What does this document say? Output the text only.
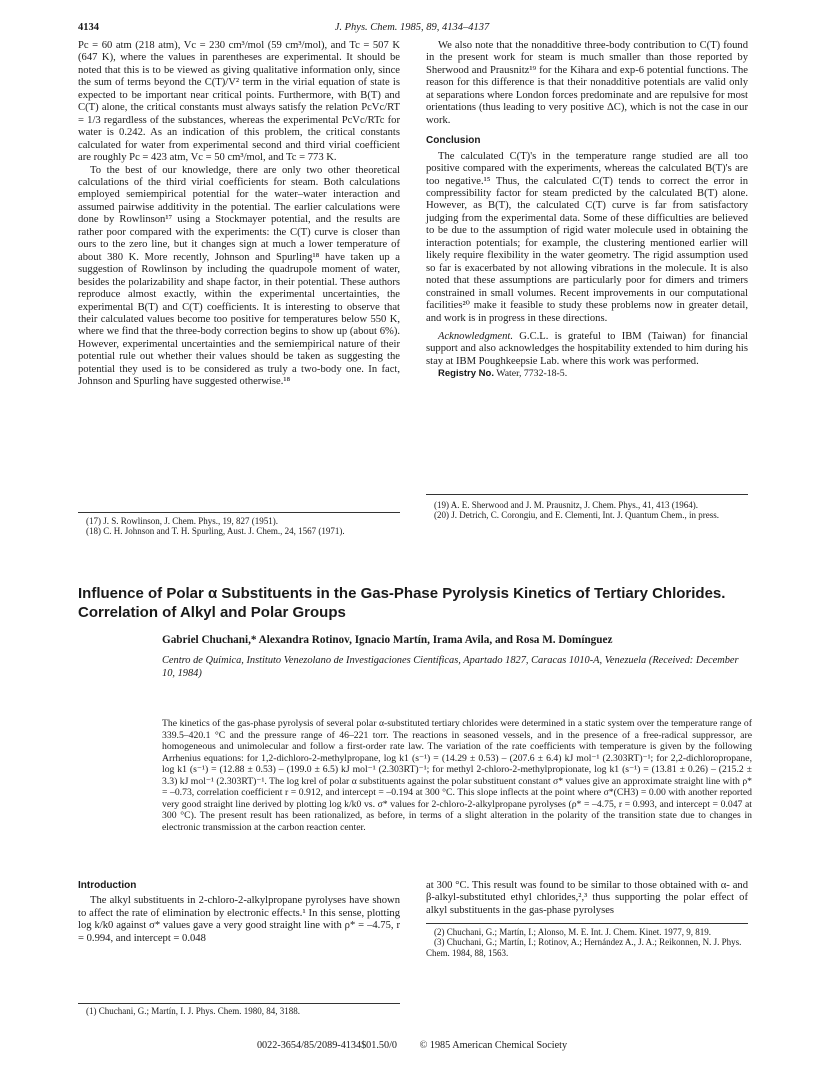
4134	J. Phys. Chem. 1985, 89, 4134–4137

Pc = 60 atm (218 atm), Vc = 230 cm³/mol (59 cm³/mol), and Tc = 507 K (647 K), where the values in parentheses are experimental. It should be noted that this is to be viewed as giving qualitative information only, since the sum of terms beyond the C(T)/V² term in the virial equation of state is expected to be important near critical points. Furthermore, with B(T) and C(T) alone, the critical constants must always satisfy the relation PcVc/RT = 1/3 regardless of the substances, whereas the experimental PcVc/RTc for water is 0.242. As an indication of this problem, the critical constants calculated for water from experimental second and third virial coefficient are roughly Pc = 423 atm, Vc = 50 cm³/mol, and Tc = 773 K.

To the best of our knowledge, there are only two other theoretical calculations of the third virial coefficients for steam. Both calculations employed semiempirical potential for the water–water interaction and assumed pairwise additivity in the potential. The earlier calculations were done by Rowlinson¹⁷ using a Stockmayer potential, and the results are rather poor compared with the experiments: the C(T) curve is closer than ours to the zero line, but it changes sign at much a lower temperature of about 380 K. More recently, Johnson and Spurling¹⁸ have taken up a suggestion of Rowlinson by including the quadrupole moment of water, besides the polarizability and shape factor, in their potential. These authors reproduce almost exactly, within the experimental uncertainties, the experimental B(T) and C(T) coefficients. It is interesting to observe that their calculated values become too positive for temperatures below 550 K, where we find that the three-body correction begins to show up (about 6%). However, experimental uncertainties and the semiempirical nature of their potential rule out whether their values should be taken as suggesting the potential they used is to be considered as truly a two-body one. In fact, Johnson and Spurling have suggested otherwise.¹⁸

(17) J. S. Rowlinson, J. Chem. Phys., 19, 827 (1951).
(18) C. H. Johnson and T. H. Spurling, Aust. J. Chem., 24, 1567 (1971).

We also note that the nonadditive three-body contribution to C(T) found in the present work for steam is much smaller than those reported by Sherwood and Prausnitz¹⁹ for the Kihara and exp-6 potential functions. The reason for this difference is that their nonadditive potentials are valid only at separations where London forces predominate and are repulsive for most orientations (thus leading to very positive ΔC), which is not the case in our work.

Conclusion

The calculated C(T)'s in the temperature range studied are all too positive compared with the experiments, whereas the calculated B(T)'s are too negative.¹⁵ Thus, the calculated C(T) tends to correct the error in compressibility factor for steam predicted by the calculated B(T) alone. However, as B(T), the calculated C(T) curve is far from satisfactory judging from the experimental data. Some of these difficulties are believed to be due to the assumption of rigid water molecule used in obtaining the interaction potentials; for example, the clustering mentioned earlier will likely require flexibility in the water geometry. The rigid assumption used so far is exacerbated by not allowing vibrations in the molecule. It is also noted that these assumptions are particularly poor for dimers and trimers constrained in small volumes. Recent improvements in our computational facilities²⁰ make it feasible to study these problems now in greater detail, and work is in progress in these directions.

Acknowledgment. G.C.L. is grateful to IBM (Taiwan) for financial support and also acknowledges the hospitability extended to him during his stay at IBM Poughkeepsie Lab. where this work was performed.

Registry No. Water, 7732-18-5.

(19) A. E. Sherwood and J. M. Prausnitz, J. Chem. Phys., 41, 413 (1964).
(20) J. Detrich, C. Corongiu, and E. Clementi, Int. J. Quantum Chem., in press.
Influence of Polar α Substituents in the Gas-Phase Pyrolysis Kinetics of Tertiary Chlorides. Correlation of Alkyl and Polar Groups
Gabriel Chuchani,* Alexandra Rotinov, Ignacio Martín, Irama Avila, and Rosa M. Domínguez
Centro de Química, Instituto Venezolano de Investigaciones Científicas, Apartado 1827, Caracas 1010-A, Venezuela (Received: December 10, 1984)
The kinetics of the gas-phase pyrolysis of several polar α-substituted tertiary chlorides were determined in a static system over the temperature range of 339.5–420.1 °C and the pressure range of 46–221 torr. The reactions in seasoned vessels, and in the presence of a free-radical suppressor, are homogeneous and unimolecular and follow a first-order rate law. The variation of the rate coefficients with temperature is given by the following Arrhenius equations: for 1,2-dichloro-2-methylpropane, log k1 (s⁻¹) = (14.29 ± 0.53) – (207.6 ± 6.4) kJ mol⁻¹ (2.303RT)⁻¹; for 2,2-dichloropropane, log k1 (s⁻¹) = (12.88 ± 0.53) – (199.0 ± 6.5) kJ mol⁻¹ (2.303RT)⁻¹; for methyl 2-chloro-2-methylpropionate, log k1 (s⁻¹) = (13.81 ± 0.26) – (215.2 ± 3.3) kJ mol⁻¹ (2.303RT)⁻¹. The log krel of polar α substituents against the polar substituent constant σ* values give an approximate straight line with ρ* = –0.73, correlation coefficient r = 0.912, and intercept = –0.194 at 300 °C. This slope inflects at the point where σ*(CH3) = 0.00 with another reported very good straight line derived by plotting log k/k0 vs. σ* values for 2-chloro-2-alkylpropane pyrolyses (ρ* = –4.75, r = 0.993, and intercept = 0.047 at 300 °C). The present result has been rationalized, as before, in terms of a slight alteration in the polarity of the transition state due to changes in electronic transmission at the carbon reaction center.
Introduction

The alkyl substituents in 2-chloro-2-alkylpropane pyrolyses have shown to affect the rate of elimination by electronic effects.¹ In this sense, plotting log k/k0 against σ* values gave a very good straight line with ρ* = –4.75, r = 0.994, and intercept = 0.048

(1) Chuchani, G.; Martín, I. J. Phys. Chem. 1980, 84, 3188.

at 300 °C. This result was found to be similar to those obtained with α- and β-alkyl-substituted ethyl chlorides,²,³ thus supporting the polar effect of alkyl substituents in the gas-phase pyrolyses

(2) Chuchani, G.; Martín, I.; Alonso, M. E. Int. J. Chem. Kinet. 1977, 9, 819.
(3) Chuchani, G.; Martín, I.; Rotinov, A.; Hernández A., J. A.; Reikonnen, N. J. Phys. Chem. 1984, 88, 1563.
0022-3654/85/2089-4134$01.50/0 © 1985 American Chemical Society
